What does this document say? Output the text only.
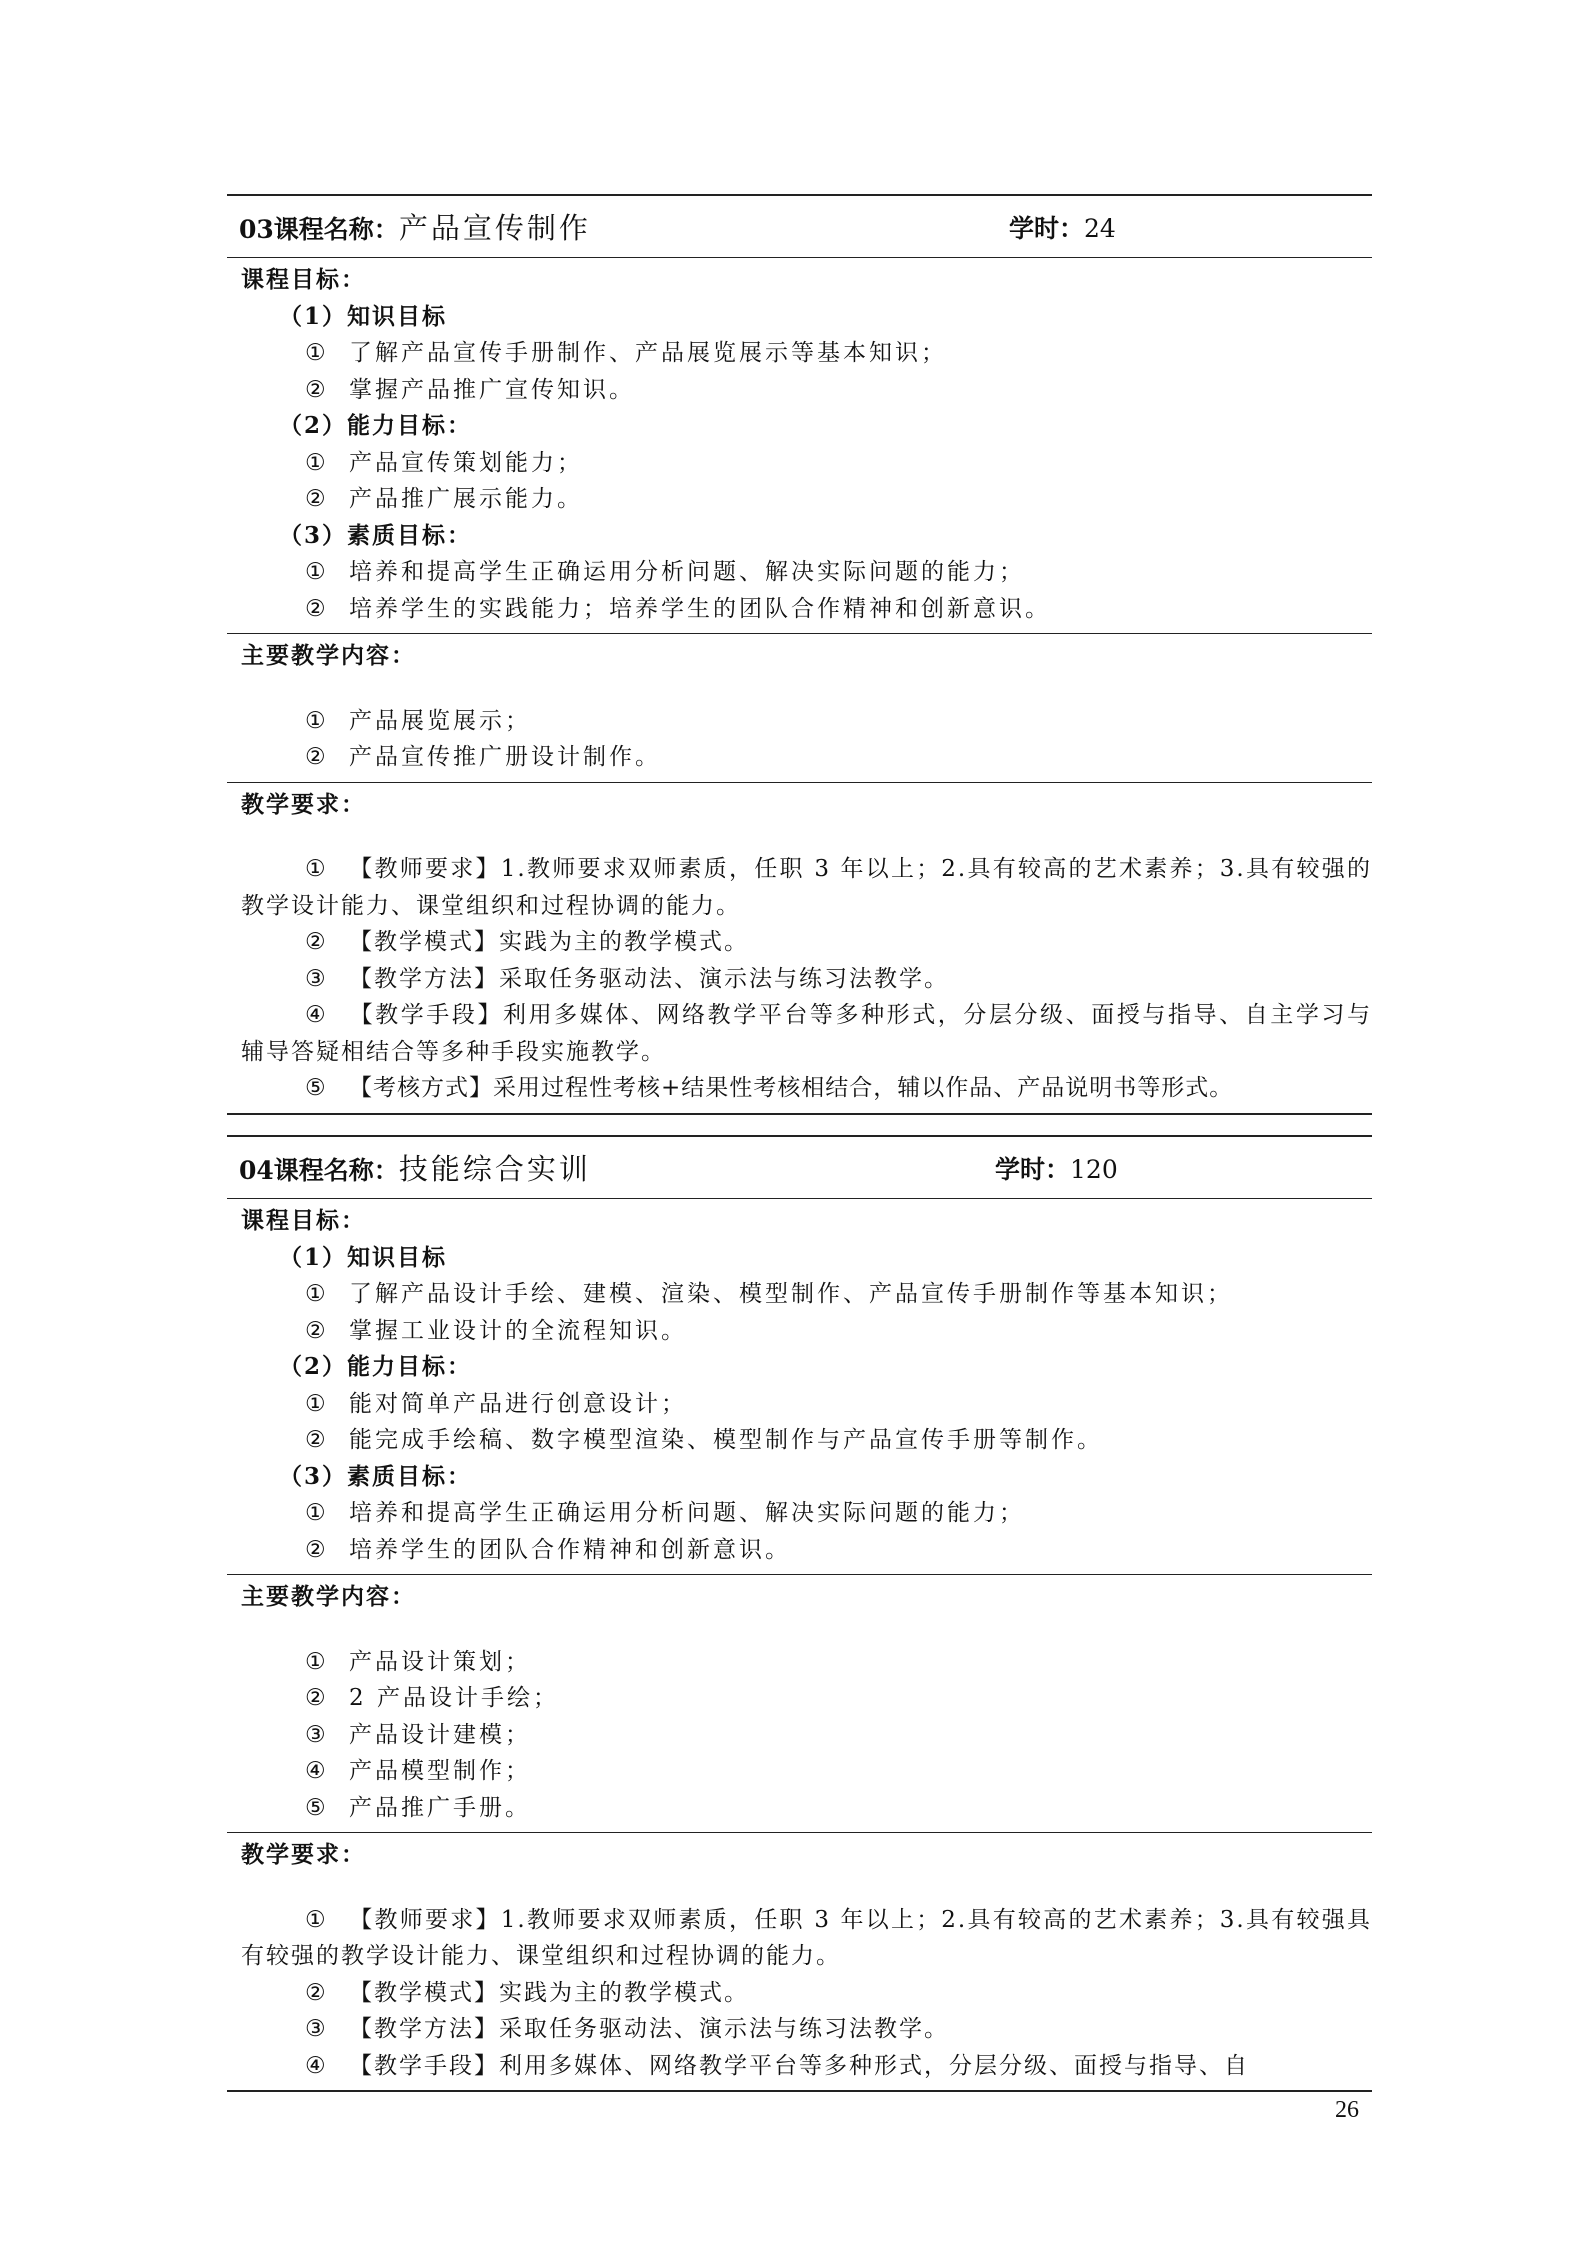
03课程名称：产品宣传制作	学时：24
课程目标：
（1）知识目标
① 了解产品宣传手册制作、产品展览展示等基本知识；
② 掌握产品推广宣传知识。
（2）能力目标：
① 产品宣传策划能力；
② 产品推广展示能力。
（3）素质目标：
① 培养和提高学生正确运用分析问题、解决实际问题的能力；
② 培养学生的实践能力；培养学生的团队合作精神和创新意识。
主要教学内容：
① 产品展览展示；
② 产品宣传推广册设计制作。
教学要求：
① 【教师要求】1.教师要求双师素质，任职 3 年以上；2.具有较高的艺术素养；3.具有较强的教学设计能力、课堂组织和过程协调的能力。
② 【教学模式】实践为主的教学模式。
③ 【教学方法】采取任务驱动法、演示法与练习法教学。
④ 【教学手段】利用多媒体、网络教学平台等多种形式，分层分级、面授与指导、自主学习与辅导答疑相结合等多种手段实施教学。
⑤ 【考核方式】采用过程性考核+结果性考核相结合，辅以作品、产品说明书等形式。
04课程名称：技能综合实训	学时：120
课程目标：
（1）知识目标
① 了解产品设计手绘、建模、渲染、模型制作、产品宣传手册制作等基本知识；
② 掌握工业设计的全流程知识。
（2）能力目标：
① 能对简单产品进行创意设计；
② 能完成手绘稿、数字模型渲染、模型制作与产品宣传手册等制作。
（3）素质目标：
① 培养和提高学生正确运用分析问题、解决实际问题的能力；
② 培养学生的团队合作精神和创新意识。
主要教学内容：
① 产品设计策划；
② 2 产品设计手绘；
③ 产品设计建模；
④ 产品模型制作；
⑤ 产品推广手册。
教学要求：
① 【教师要求】1.教师要求双师素质，任职 3 年以上；2.具有较高的艺术素养；3.具有较强具有较强的教学设计能力、课堂组织和过程协调的能力。
② 【教学模式】实践为主的教学模式。
③ 【教学方法】采取任务驱动法、演示法与练习法教学。
④ 【教学手段】利用多媒体、网络教学平台等多种形式，分层分级、面授与指导、自
26
